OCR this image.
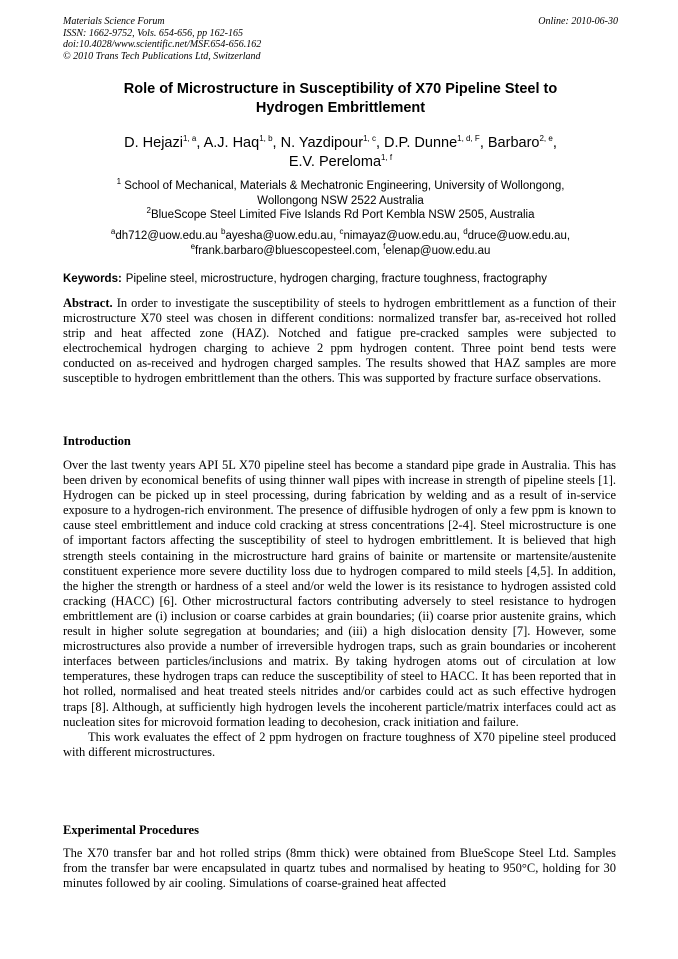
Materials Science Forum
ISSN: 1662-9752, Vols. 654-656, pp 162-165
doi:10.4028/www.scientific.net/MSF.654-656.162
© 2010 Trans Tech Publications Ltd, Switzerland
Online: 2010-06-30
Role of Microstructure in Susceptibility of X70 Pipeline Steel to
Hydrogen Embrittlement
D. Hejazi$^{1, a}$, A.J. Haq$^{1, b}$, N. Yazdipour$^{1, c}$, D.P. Dunne$^{1, d, F}$, Barbaro$^{2, e}$,
E.V. Pereloma$^{1, f}$
$^1$ School of Mechanical, Materials & Mechatronic Engineering, University of Wollongong,
Wollongong NSW 2522 Australia
$^2$BlueScope Steel Limited Five Islands Rd Port Kembla NSW 2505, Australia
$^a$dh712@uow.edu.au $^b$ayesha@uow.edu.au, $^c$nimayaz@uow.edu.au, $^d$druce@uow.edu.au,
$^e$frank.barbaro@bluescopesteel.com, $^f$elenap@uow.edu.au
Keywords: Pipeline steel, microstructure, hydrogen charging, fracture toughness, fractography
Abstract. In order to investigate the susceptibility of steels to hydrogen embrittlement as a function of their microstructure X70 steel was chosen in different conditions: normalized transfer bar, as-received hot rolled strip and heat affected zone (HAZ). Notched and fatigue pre-cracked samples were subjected to electrochemical hydrogen charging to achieve 2 ppm hydrogen content. Three point bend tests were conducted on as-received and hydrogen charged samples. The results showed that HAZ samples are more susceptible to hydrogen embrittlement than the others. This was supported by fracture surface observations.
Introduction

Over the last twenty years API 5L X70 pipeline steel has become a standard pipe grade in Australia. This has been driven by economical benefits of using thinner wall pipes with increase in strength of pipeline steels [1]. Hydrogen can be picked up in steel processing, during fabrication by welding and as a result of in-service exposure to a hydrogen-rich environment. The presence of diffusible hydrogen of only a few ppm is known to cause steel embrittlement and induce cold cracking at stress concentrations [2-4]. Steel microstructure is one of important factors affecting the susceptibility of steel to hydrogen embrittlement. It is believed that high strength steels containing in the microstructure hard grains of bainite or martensite or martensite/austenite constituent experience more severe ductility loss due to hydrogen compared to mild steels [4,5]. In addition, the higher the strength or hardness of a steel and/or weld the lower is its resistance to hydrogen assisted cold cracking (HACC) [6]. Other microstructural factors contributing adversely to steel resistance to hydrogen embrittlement are (i) inclusion or coarse carbides at grain boundaries; (ii) coarse prior austenite grains, which result in higher solute segregation at boundaries; and (iii) a high dislocation density [7]. However, some microstructures also provide a number of irreversible hydrogen traps, such as grain boundaries or incoherent interfaces between particles/inclusions and matrix. By taking hydrogen atoms out of circulation at low temperatures, these hydrogen traps can reduce the susceptibility of steel to HACC. It has been reported that in hot rolled, normalised and heat treated steels nitrides and/or carbides could act as such effective hydrogen traps [8]. Although, at sufficiently high hydrogen levels the incoherent particle/matrix interfaces could act as nucleation sites for microvoid formation leading to decohesion, crack initiation and failure.

This work evaluates the effect of 2 ppm hydrogen on fracture toughness of X70 pipeline steel produced with different microstructures.

Experimental Procedures

The X70 transfer bar and hot rolled strips (8mm thick) were obtained from BlueScope Steel Ltd. Samples from the transfer bar were encapsulated in quartz tubes and normalised by heating to 950°C, holding for 30 minutes followed by air cooling. Simulations of coarse-grained heat affected
